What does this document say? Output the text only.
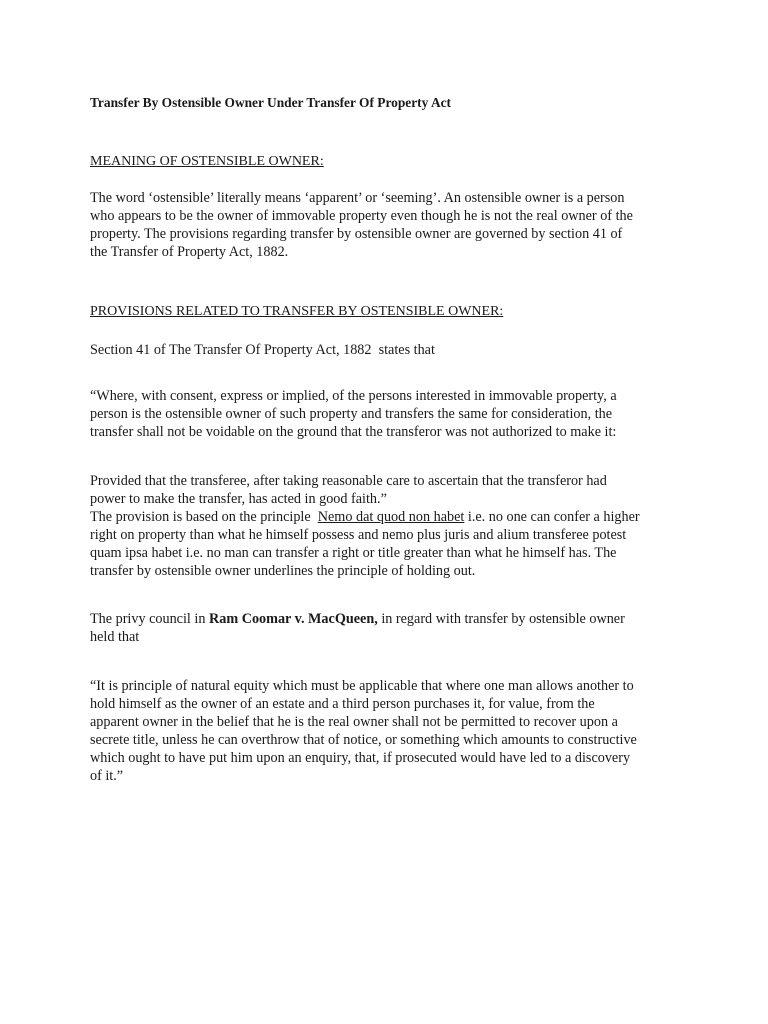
Transfer By Ostensible Owner Under Transfer Of Property Act
MEANING OF OSTENSIBLE OWNER:
The word ‘ostensible’ literally means ‘apparent’ or ‘seeming’. An ostensible owner is a person
who appears to be the owner of immovable property even though he is not the real owner of the
property. The provisions regarding transfer by ostensible owner are governed by section 41 of
the Transfer of Property Act, 1882.
PROVISIONS RELATED TO TRANSFER BY OSTENSIBLE OWNER:
Section 41 of The Transfer Of Property Act, 1882  states that
“Where, with consent, express or implied, of the persons interested in immovable property, a
person is the ostensible owner of such property and transfers the same for consideration, the
transfer shall not be voidable on the ground that the transferor was not authorized to make it:
Provided that the transferee, after taking reasonable care to ascertain that the transferor had
power to make the transfer, has acted in good faith.”
The provision is based on the principle  Nemo dat quod non habet i.e. no one can confer a higher
right on property than what he himself possess and nemo plus juris and alium transferee potest
quam ipsa habet i.e. no man can transfer a right or title greater than what he himself has. The
transfer by ostensible owner underlines the principle of holding out.
The privy council in Ram Coomar v. MacQueen, in regard with transfer by ostensible owner
held that
“It is principle of natural equity which must be applicable that where one man allows another to
hold himself as the owner of an estate and a third person purchases it, for value, from the
apparent owner in the belief that he is the real owner shall not be permitted to recover upon a
secrete title, unless he can overthrow that of notice, or something which amounts to constructive
which ought to have put him upon an enquiry, that, if prosecuted would have led to a discovery
of it.”
